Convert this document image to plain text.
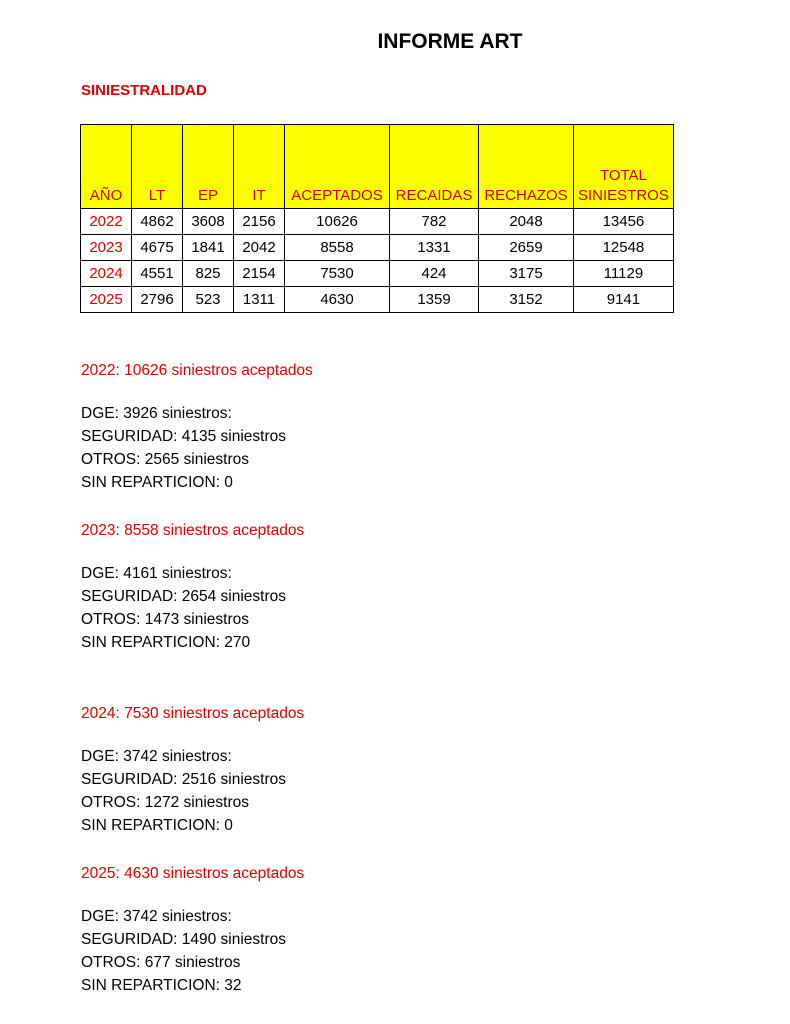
INFORME ART
SINIESTRALIDAD
AÑO	LT	EP	IT	ACEPTADOS	RECAIDAS	RECHAZOS	TOTAL SINIESTROS
2022	4862	3608	2156	10626	782	2048	13456
2023	4675	1841	2042	8558	1331	2659	12548
2024	4551	825	2154	7530	424	3175	11129
2025	2796	523	1311	4630	1359	3152	9141
2022: 10626 siniestros aceptados
DGE: 3926 siniestros:
SEGURIDAD: 4135 siniestros
OTROS: 2565 siniestros
SIN REPARTICION: 0
2023: 8558 siniestros aceptados
DGE: 4161 siniestros:
SEGURIDAD: 2654 siniestros
OTROS: 1473 siniestros
SIN REPARTICION: 270
2024: 7530 siniestros aceptados
DGE: 3742 siniestros:
SEGURIDAD: 2516 siniestros
OTROS: 1272 siniestros
SIN REPARTICION: 0
2025: 4630 siniestros aceptados
DGE: 3742 siniestros:
SEGURIDAD: 1490 siniestros
OTROS: 677 siniestros
SIN REPARTICION: 32
